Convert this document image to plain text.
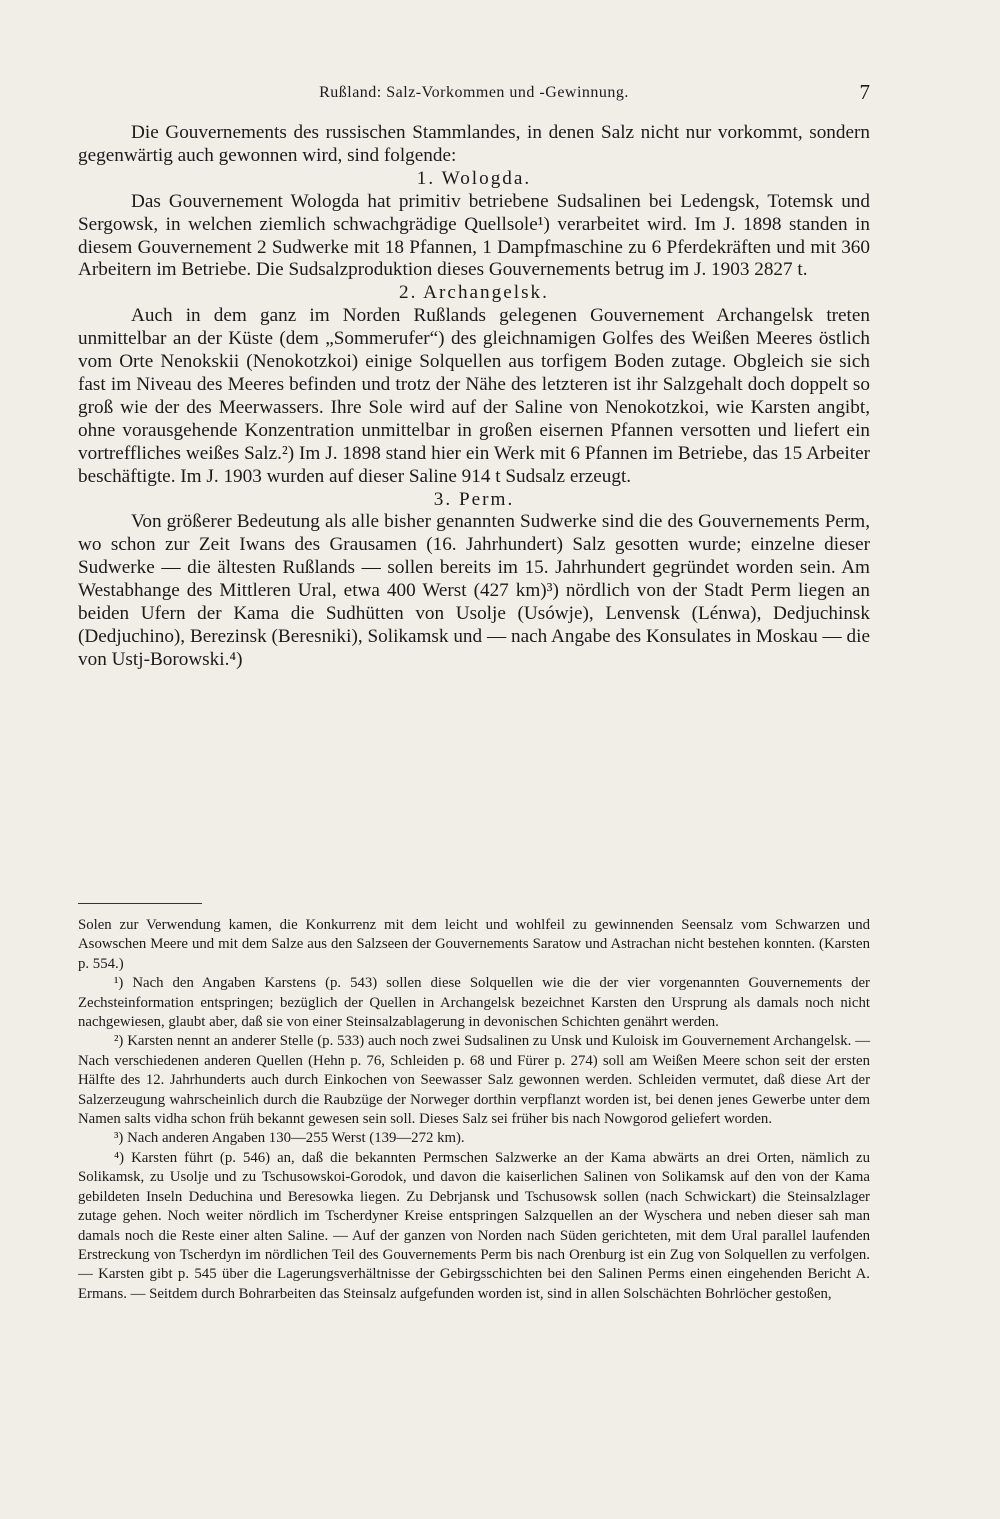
Rußland: Salz-Vorkommen und -Gewinnung.	7

Die Gouvernements des russischen Stammlandes, in denen Salz nicht nur vorkommt, sondern gegenwärtig auch gewonnen wird, sind folgende:

1. Wologda.

Das Gouvernement Wologda hat primitiv betriebene Sudsalinen bei Ledengsk, Totemsk und Sergowsk, in welchen ziemlich schwachgrädige Quellsole¹) verarbeitet wird. Im J. 1898 standen in diesem Gouvernement 2 Sudwerke mit 18 Pfannen, 1 Dampfmaschine zu 6 Pferdekräften und mit 360 Arbeitern im Betriebe. Die Sudsalzproduktion dieses Gouvernements betrug im J. 1903 2827 t.

2. Archangelsk.

Auch in dem ganz im Norden Rußlands gelegenen Gouvernement Archangelsk treten unmittelbar an der Küste (dem „Sommerufer“) des gleichnamigen Golfes des Weißen Meeres östlich vom Orte Nenokskii (Nenokotzkoi) einige Solquellen aus torfigem Boden zutage. Obgleich sie sich fast im Niveau des Meeres befinden und trotz der Nähe des letzteren ist ihr Salzgehalt doch doppelt so groß wie der des Meerwassers. Ihre Sole wird auf der Saline von Nenokotzkoi, wie Karsten angibt, ohne vorausgehende Konzentration unmittelbar in großen eisernen Pfannen versotten und liefert ein vortreffliches weißes Salz.²) Im J. 1898 stand hier ein Werk mit 6 Pfannen im Betriebe, das 15 Arbeiter beschäftigte. Im J. 1903 wurden auf dieser Saline 914 t Sudsalz erzeugt.

3. Perm.

Von größerer Bedeutung als alle bisher genannten Sudwerke sind die des Gouvernements Perm, wo schon zur Zeit Iwans des Grausamen (16. Jahrhundert) Salz gesotten wurde; einzelne dieser Sudwerke — die ältesten Rußlands — sollen bereits im 15. Jahrhundert gegründet worden sein. Am Westabhange des Mittleren Ural, etwa 400 Werst (427 km)³) nördlich von der Stadt Perm liegen an beiden Ufern der Kama die Sudhütten von Usolje (Usówje), Lenvensk (Lénwa), Dedjuchinsk (Dedjuchino), Berezinsk (Beresniki), Solikamsk und — nach Angabe des Konsulates in Moskau — die von Ustj-Borowski.⁴)

Solen zur Verwendung kamen, die Konkurrenz mit dem leicht und wohlfeil zu gewinnenden Seensalz vom Schwarzen und Asowschen Meere und mit dem Salze aus den Salzseen der Gouvernements Saratow und Astrachan nicht bestehen konnten. (Karsten p. 554.)

¹) Nach den Angaben Karstens (p. 543) sollen diese Solquellen wie die der vier vorgenannten Gouvernements der Zechsteinformation entspringen; bezüglich der Quellen in Archangelsk bezeichnet Karsten den Ursprung als damals noch nicht nachgewiesen, glaubt aber, daß sie von einer Steinsalzablagerung in devonischen Schichten genährt werden.

²) Karsten nennt an anderer Stelle (p. 533) auch noch zwei Sudsalinen zu Unsk und Kuloisk im Gouvernement Archangelsk. — Nach verschiedenen anderen Quellen (Hehn p. 76, Schleiden p. 68 und Fürer p. 274) soll am Weißen Meere schon seit der ersten Hälfte des 12. Jahrhunderts auch durch Einkochen von Seewasser Salz gewonnen werden. Schleiden vermutet, daß diese Art der Salzerzeugung wahrscheinlich durch die Raubzüge der Norweger dorthin verpflanzt worden ist, bei denen jenes Gewerbe unter dem Namen salts vidha schon früh bekannt gewesen sein soll. Dieses Salz sei früher bis nach Nowgorod geliefert worden.

³) Nach anderen Angaben 130—255 Werst (139—272 km).

⁴) Karsten führt (p. 546) an, daß die bekannten Permschen Salzwerke an der Kama abwärts an drei Orten, nämlich zu Solikamsk, zu Usolje und zu Tschusowskoi-Gorodok, und davon die kaiserlichen Salinen von Solikamsk auf den von der Kama gebildeten Inseln Deduchina und Beresowka liegen. Zu Debrjansk und Tschusowsk sollen (nach Schwickart) die Steinsalzlager zutage gehen. Noch weiter nördlich im Tscherdyner Kreise entspringen Salzquellen an der Wyschera und neben dieser sah man damals noch die Reste einer alten Saline. — Auf der ganzen von Norden nach Süden gerichteten, mit dem Ural parallel laufenden Erstreckung von Tscherdyn im nördlichen Teil des Gouvernements Perm bis nach Orenburg ist ein Zug von Solquellen zu verfolgen. — Karsten gibt p. 545 über die Lagerungsverhältnisse der Gebirgsschichten bei den Salinen Perms einen eingehenden Bericht A. Ermans. — Seitdem durch Bohrarbeiten das Steinsalz aufgefunden worden ist, sind in allen Solschächten Bohrlöcher gestoßen,
